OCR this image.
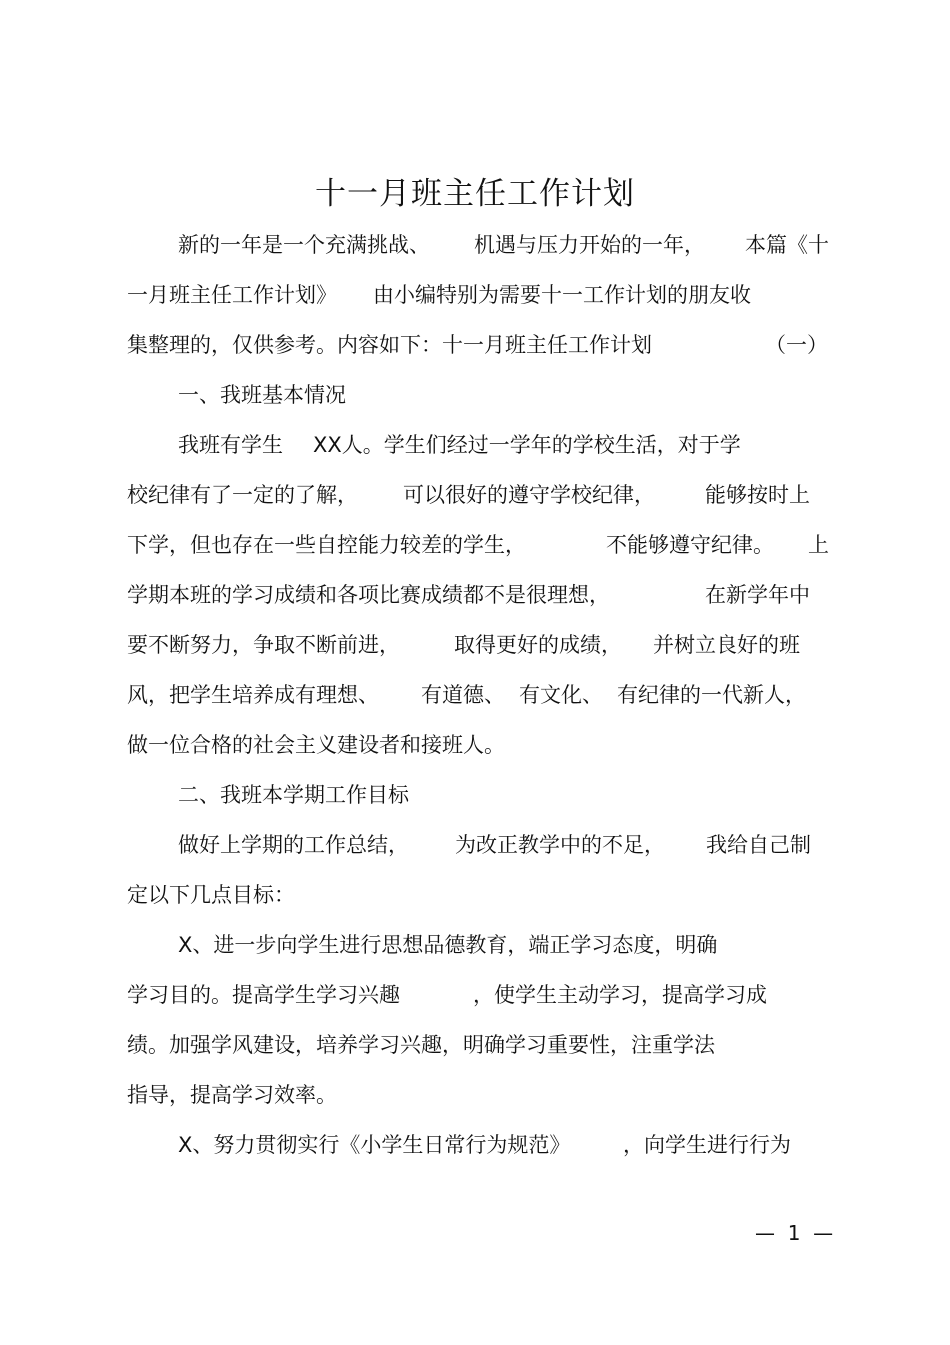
十一月班主任工作计划
新的一年是一个充满挑战、 机遇与压力开始的一年， 本篇《十
一月班主任工作计划》 由小编特别为需要十一工作计划的朋友收
集整理的，仅供参考。内容如下：十一月班主任工作计划	（一）
一、我班基本情况
我班有学生 XX人。学生们经过一学年的学校生活，对于学
校纪律有了一定的了解， 可以很好的遵守学校纪律， 能够按时上
下学，但也存在一些自控能力较差的学生，	不能够遵守纪律。 上
学期本班的学习成绩和各项比赛成绩都不是很理想，	在新学年中
要不断努力，争取不断前进，	取得更好的成绩， 并树立良好的班
风，把学生培养成有理想、 有道德、 有文化、 有纪律的一代新人，
做一位合格的社会主义建设者和接班人。
二、我班本学期工作目标
做好上学期的工作总结， 为改正教学中的不足， 我给自己制
定以下几点目标：
X、进一步向学生进行思想品德教育，端正学习态度，明确
学习目的。提高学生学习兴趣	，使学生主动学习，提高学习成
绩。加强学风建设，培养学习兴趣，明确学习重要性，注重学法
指导，提高学习效率。
X、努力贯彻实行《小学生日常行为规范》	，向学生进行行为
—  1  —
